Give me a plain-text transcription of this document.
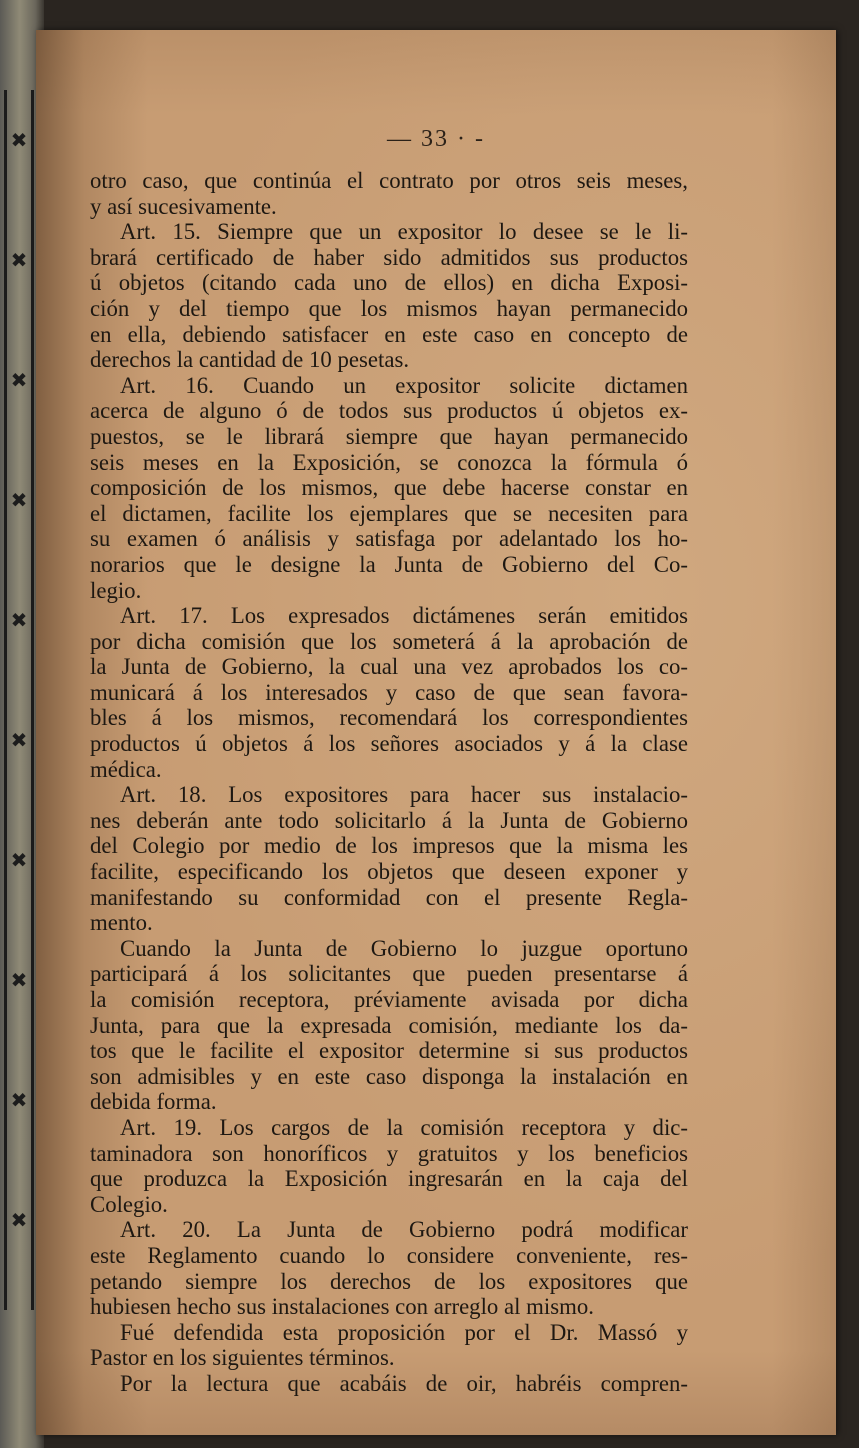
✖
✖
✖
✖
✖
✖
✖
✖
✖
✖
— 33 · -
otro caso, que continúa el contrato por otros seis meses,
y así sucesivamente.
Art. 15. Siempre que un expositor lo desee se le li-
brará certificado de haber sido admitidos sus productos
ú objetos (citando cada uno de ellos) en dicha Exposi-
ción y del tiempo que los mismos hayan permanecido
en ella, debiendo satisfacer en este caso en concepto de
derechos la cantidad de 10 pesetas.
Art. 16. Cuando un expositor solicite dictamen
acerca de alguno ó de todos sus productos ú objetos ex-
puestos, se le librará siempre que hayan permanecido
seis meses en la Exposición, se conozca la fórmula ó
composición de los mismos, que debe hacerse constar en
el dictamen, facilite los ejemplares que se necesiten para
su examen ó análisis y satisfaga por adelantado los ho-
norarios que le designe la Junta de Gobierno del Co-
legio.
Art. 17. Los expresados dictámenes serán emitidos
por dicha comisión que los someterá á la aprobación de
la Junta de Gobierno, la cual una vez aprobados los co-
municará á los interesados y caso de que sean favora-
bles á los mismos, recomendará los correspondientes
productos ú objetos á los señores asociados y á la clase
médica.
Art. 18. Los expositores para hacer sus instalacio-
nes deberán ante todo solicitarlo á la Junta de Gobierno
del Colegio por medio de los impresos que la misma les
facilite, especificando los objetos que deseen exponer y
manifestando su conformidad con el presente Regla-
mento.
Cuando la Junta de Gobierno lo juzgue oportuno
participará á los solicitantes que pueden presentarse á
la comisión receptora, préviamente avisada por dicha
Junta, para que la expresada comisión, mediante los da-
tos que le facilite el expositor determine si sus productos
son admisibles y en este caso disponga la instalación en
debida forma.
Art. 19. Los cargos de la comisión receptora y dic-
taminadora son honoríficos y gratuitos y los beneficios
que produzca la Exposición ingresarán en la caja del
Colegio.
Art. 20. La Junta de Gobierno podrá modificar
este Reglamento cuando lo considere conveniente, res-
petando siempre los derechos de los expositores que
hubiesen hecho sus instalaciones con arreglo al mismo.
Fué defendida esta proposición por el Dr. Massó y
Pastor en los siguientes términos.
Por la lectura que acabáis de oir, habréis compren-
